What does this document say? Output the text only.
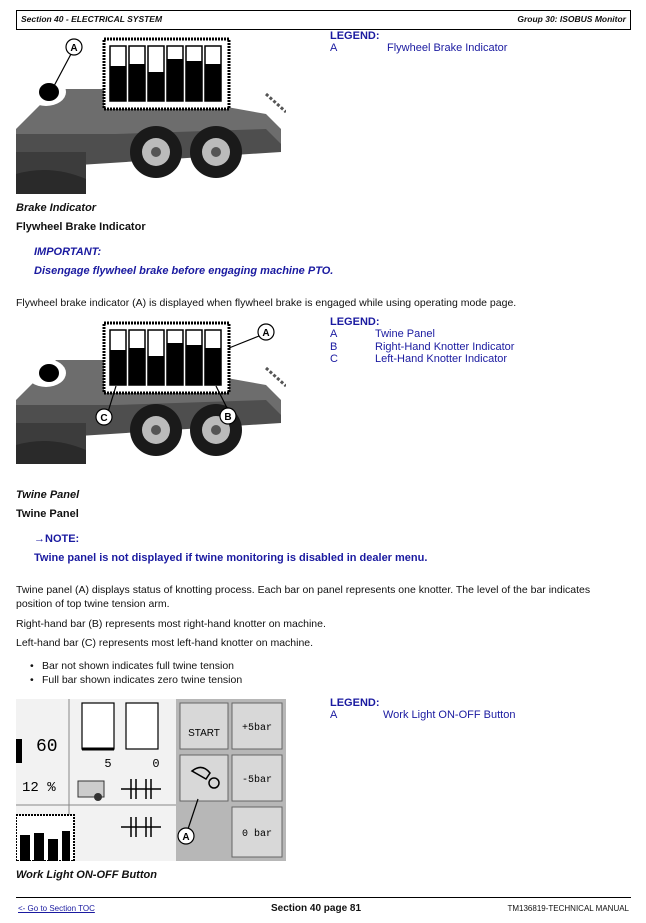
Section 40 - ELECTRICAL SYSTEM	Group 30: ISOBUS Monitor
A
LEGEND:
A	Flywheel Brake Indicator
Brake Indicator
Flywheel Brake Indicator
IMPORTANT:
Disengage flywheel brake before engaging machine PTO.
Flywheel brake indicator (A) is displayed when flywheel brake is engaged while using operating mode page.
A
B
C
LEGEND:
A	Twine Panel
B	Right-Hand Knotter Indicator
C	Left-Hand Knotter Indicator
Twine Panel
Twine Panel
→NOTE:
Twine panel is not displayed if twine monitoring is disabled in dealer menu.
Twine panel (A) displays status of knotting process. Each bar on panel represents one knotter. The level of the bar indicates position of top twine tension arm.
Right-hand bar (B) represents most right-hand knotter on machine.
Left-hand bar (C) represents most left-hand knotter on machine.
• Bar not shown indicates full twine tension
• Full bar shown indicates zero twine tension
60
12 %
5	0
START +5bar
-5bar
0 bar
A
LEGEND:
A	Work Light ON-OFF Button
Work Light ON-OFF Button
<- Go to Section TOC	Section 40 page 81	TM136819-TECHNICAL MANUAL
